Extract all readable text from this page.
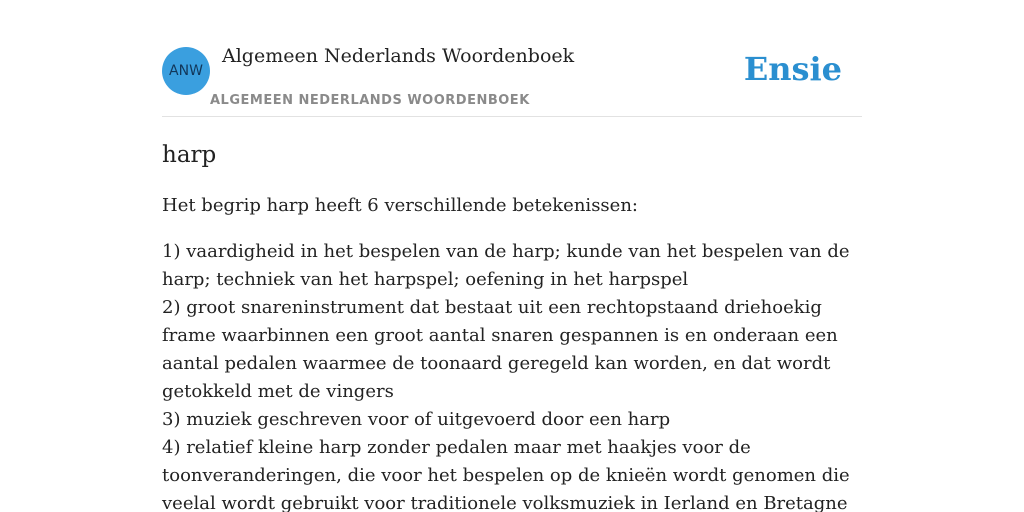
ANW
Algemeen Nederlands Woordenboek
ALGEMEEN NEDERLANDS WOORDENBOEK
Ensie
harp

Het begrip harp heeft 6 verschillende betekenissen:

1) vaardigheid in het bespelen van de harp; kunde van het bespelen van de harp; techniek van het harpspel; oefening in het harpspel
2) groot snareninstrument dat bestaat uit een rechtopstaand driehoekig frame waarbinnen een groot aantal snaren gespannen is en onderaan een aantal pedalen waarmee de toonaard geregeld kan worden, en dat wordt getokkeld met de vingers
3) muziek geschreven voor of uitgevoerd door een harp
4) relatief kleine harp zonder pedalen maar met haakjes voor de toonveranderingen, die voor het bespelen op de knieën wordt genomen die veelal wordt gebruikt voor traditionele volksmuziek in Ierland en Bretagne
